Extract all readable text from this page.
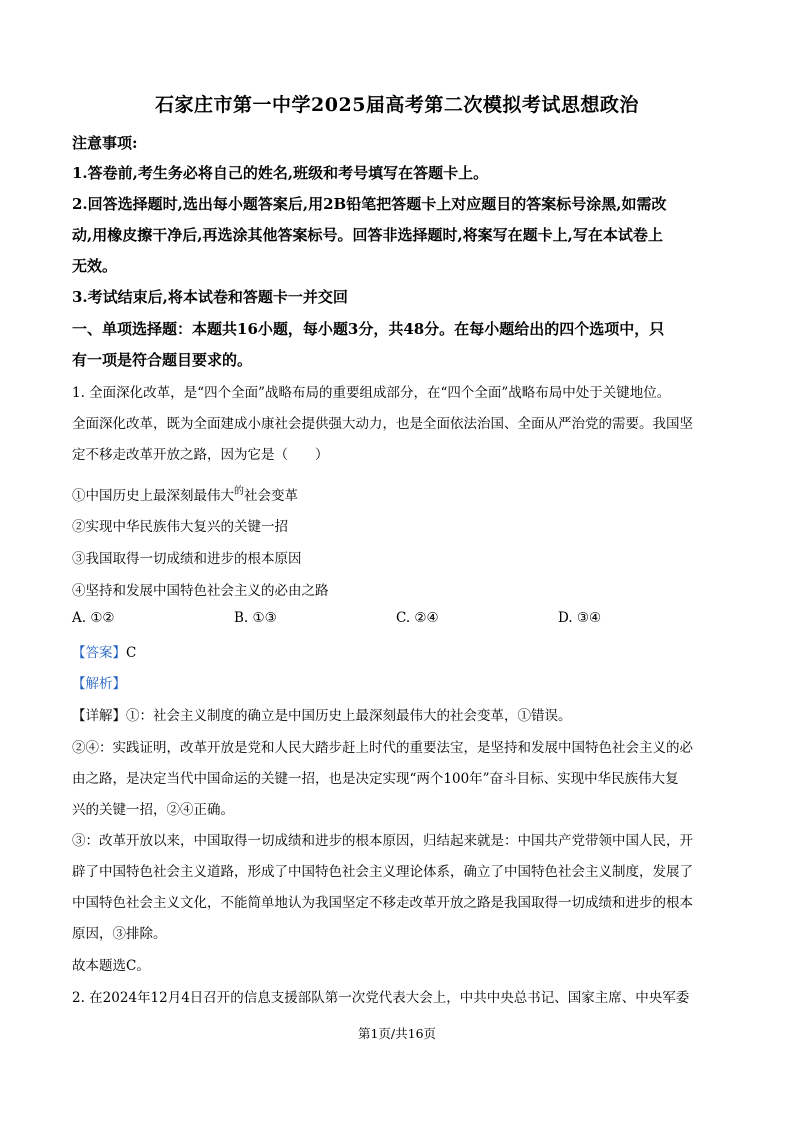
石家庄市第一中学2025届高考第二次模拟考试思想政治
注意事项:
1.答卷前,考生务必将自己的姓名,班级和考号填写在答题卡上。
2.回答选择题时,选出每小题答案后,用2B铅笔把答题卡上对应题目的答案标号涂黑,如需改
动,用橡皮擦干净后,再选涂其他答案标号。回答非选择题时,将案写在题卡上,写在本试卷上
无效。
3.考试结束后,将本试卷和答题卡一并交回
一、单项选择题：本题共16小题，每小题3分，共48分。在每小题给出的四个选项中，只
有一项是符合题目要求的。
1. 全面深化改革，是“四个全面”战略布局的重要组成部分，在“四个全面”战略布局中处于关键地位。
全面深化改革，既为全面建成小康社会提供强大动力，也是全面依法治国、全面从严治党的需要。我国坚
定不移走改革开放之路，因为它是（　　）
①中国历史上最深刻最伟大$^的$社会变革
②实现中华民族伟大复兴的关键一招
③我国取得一切成绩和进步的根本原因
④坚持和发展中国特色社会主义的必由之路
A. ①②	B. ①③	C. ②④	D. ③④
【答案】C
【解析】
【详解】①：社会主义制度的确立是中国历史上最深刻最伟大的社会变革，①错误。
②④：实践证明，改革开放是党和人民大踏步赶上时代的重要法宝，是坚持和发展中国特色社会主义的必
由之路，是决定当代中国命运的关键一招，也是决定实现“两个100年”奋斗目标、实现中华民族伟大复
兴的关键一招，②④正确。
③：改革开放以来，中国取得一切成绩和进步的根本原因，归结起来就是：中国共产党带领中国人民，开
辟了中国特色社会主义道路，形成了中国特色社会主义理论体系，确立了中国特色社会主义制度，发展了
中国特色社会主义文化，不能简单地认为我国坚定不移走改革开放之路是我国取得一切成绩和进步的根本
原因，③排除。
故本题选C。
2. 在2024年12月4日召开的信息支援部队第一次党代表大会上，中共中央总书记、国家主席、中央军委
第1页/共16页
